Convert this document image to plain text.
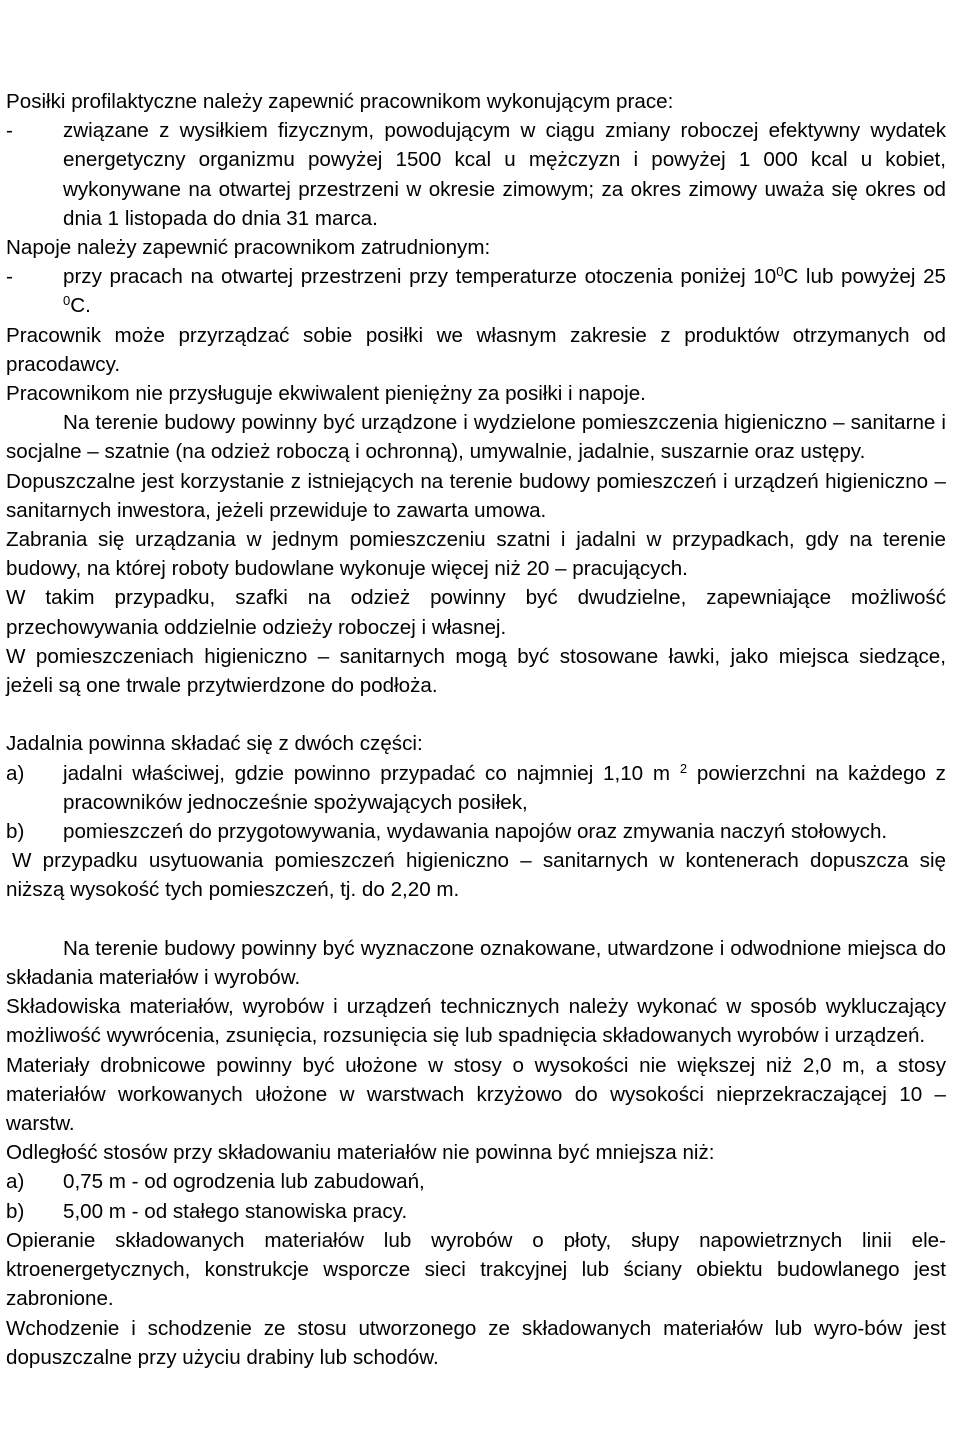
Projekt prac konserwatorskich i restauratorskich oraz projekt robót budowlanych dla zabytkowej Bramy Odrzańskiej.
str. 34

Posiłki profilaktyczne należy zapewnić pracownikom wykonującym prace:

-	związane z wysiłkiem fizycznym, powodującym w ciągu zmiany roboczej efektywny wydatek energetyczny organizmu powyżej 1500 kcal u mężczyzn i powyżej 1 000 kcal u kobiet, wykonywane na otwartej przestrzeni w okresie zimowym; za okres zimowy uważa się okres od dnia 1 listopada do dnia 31 marca.

Napoje należy zapewnić pracownikom zatrudnionym:

-	przy pracach na otwartej przestrzeni przy temperaturze otoczenia poniżej $10^0C$ lub powyżej 25 $^0$C.

Pracownik może przyrządzać sobie posiłki we własnym zakresie z produktów otrzymanych od pracodawcy.

Pracownikom nie przysługuje ekwiwalent pieniężny za posiłki i napoje.

Na terenie budowy powinny być urządzone i wydzielone pomieszczenia higieniczno – sanitarne i socjalne – szatnie (na odzież roboczą i ochronną), umywalnie, jadalnie, suszarnie oraz ustępy.

Dopuszczalne jest korzystanie z istniejących na terenie budowy pomieszczeń i urządzeń higieniczno – sanitarnych inwestora, jeżeli przewiduje to zawarta umowa.

Zabrania się urządzania w jednym pomieszczeniu szatni i jadalni w przypadkach, gdy na terenie budowy, na której roboty budowlane wykonuje więcej niż 20 – pracujących.

W takim przypadku, szafki na odzież powinny być dwudzielne, zapewniające możliwość przechowywania oddzielnie odzieży roboczej i własnej.

W pomieszczeniach higieniczno – sanitarnych mogą być stosowane ławki, jako miejsca siedzące, jeżeli są one trwale przytwierdzone do podłoża.

Jadalnia powinna składać się z dwóch części:

a)	jadalni właściwej, gdzie powinno przypadać co najmniej 1,10 m $^2$ powierzchni na każdego z pracowników jednocześnie spożywających posiłek,
b)	pomieszczeń do przygotowywania, wydawania napojów oraz zmywania naczyń stołowych.

W przypadku usytuowania pomieszczeń higieniczno – sanitarnych w kontenerach dopuszcza się niższą wysokość tych pomieszczeń, tj. do 2,20 m.

Na terenie budowy powinny być wyznaczone oznakowane, utwardzone i odwodnione miejsca do składania materiałów i wyrobów.

Składowiska materiałów, wyrobów i urządzeń technicznych należy wykonać w sposób wykluczający możliwość wywrócenia, zsunięcia, rozsunięcia się lub spadnięcia składowanych wyrobów i urządzeń.

Materiały drobnicowe powinny być ułożone w stosy o wysokości nie większej niż 2,0 m, a stosy materiałów workowanych ułożone w warstwach krzyżowo do wysokości nieprzekraczającej 10 – warstw.

Odległość stosów przy składowaniu materiałów nie powinna być mniejsza niż:

a)	0,75 m - od ogrodzenia lub zabudowań,
b)	5,00 m - od stałego stanowiska pracy.

Opieranie składowanych materiałów lub wyrobów o płoty, słupy napowietrznych linii ele-ktroenergetycznych, konstrukcje wsporcze sieci trakcyjnej lub ściany obiektu budowlanego jest zabronione.

Wchodzenie i schodzenie ze stosu utworzonego ze składowanych materiałów lub wyro-bów jest dopuszczalne przy użyciu drabiny lub schodów.
